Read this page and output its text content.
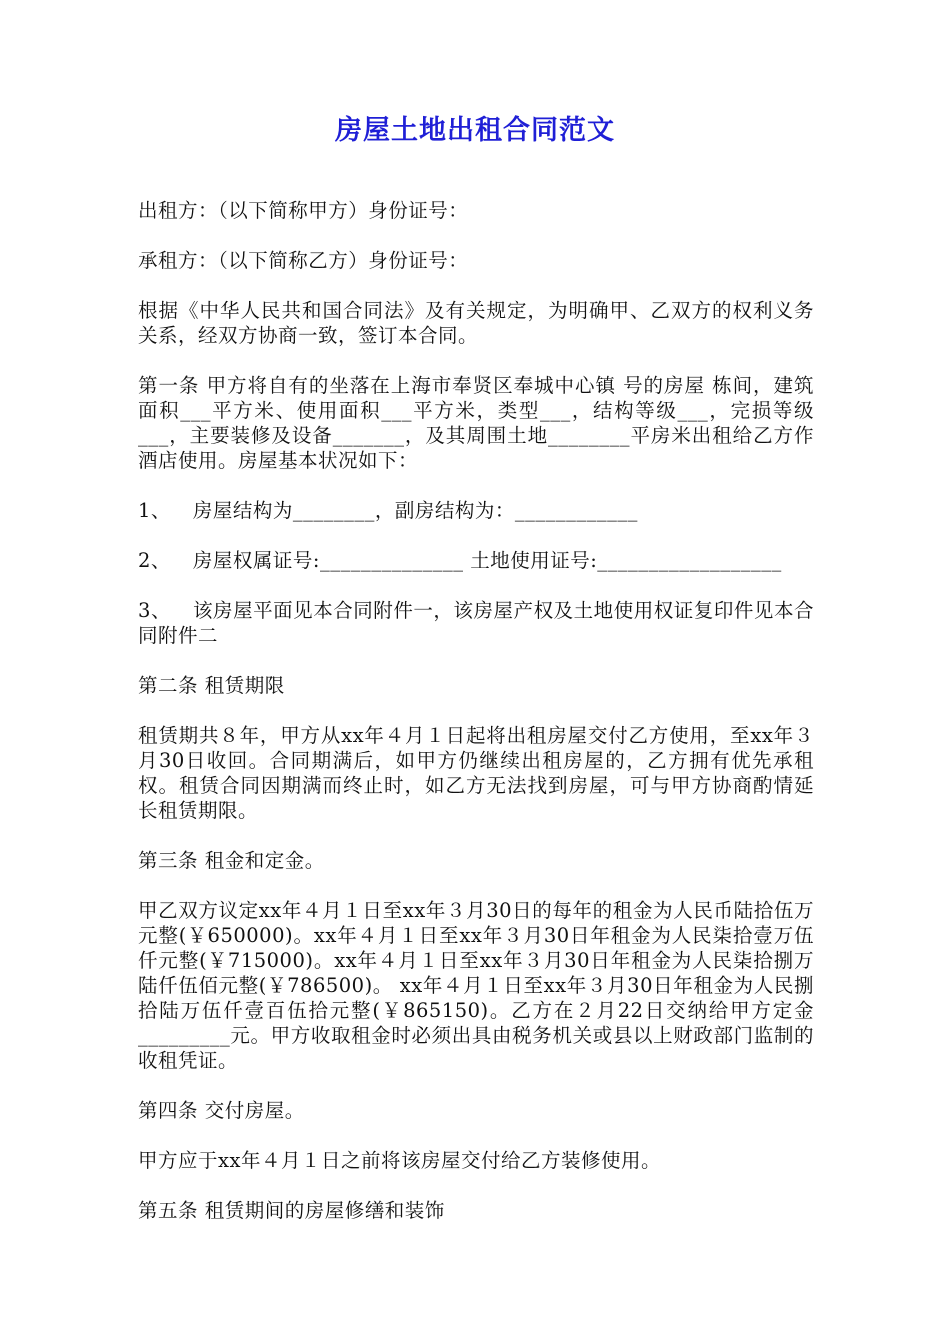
房屋土地出租合同范文

出租方：（以下简称甲方）身份证号：

承租方：（以下简称乙方）身份证号：

根据《中华人民共和国合同法》及有关规定，为明确甲、乙双方的权利义务关系，经双方协商一致，签订本合同。

第一条 甲方将自有的坐落在上海市奉贤区奉城中心镇 号的房屋 栋间，建筑面积___平方米、使用面积___平方米，类型___，结构等级___，完损等级___，主要装修及设备_______，及其周围土地________平房米出租给乙方作酒店使用。房屋基本状况如下：

1、 房屋结构为________，副房结构为：____________

2、 房屋权属证号:______________ 土地使用证号:__________________

3、 该房屋平面见本合同附件一，该房屋产权及土地使用权证复印件见本合同附件二

第二条 租赁期限

租赁期共８年，甲方从xx年４月１日起将出租房屋交付乙方使用，至xx年３月30日收回。合同期满后，如甲方仍继续出租房屋的，乙方拥有优先承租权。租赁合同因期满而终止时，如乙方无法找到房屋，可与甲方协商酌情延长租赁期限。

第三条 租金和定金。

甲乙双方议定xx年４月１日至xx年３月30日的每年的租金为人民币陆拾伍万元整(￥650000)。xx年４月１日至xx年３月30日年租金为人民柒拾壹万伍仟元整(￥715000)。xx年４月１日至xx年３月30日年租金为人民柒拾捌万陆仟伍佰元整(￥786500)。 xx年４月１日至xx年３月30日年租金为人民捌拾陆万伍仟壹百伍拾元整(￥865150)。乙方在２月22日交纳给甲方定金_________元。甲方收取租金时必须出具由税务机关或县以上财政部门监制的收租凭证。

第四条 交付房屋。

甲方应于xx年４月１日之前将该房屋交付给乙方装修使用。

第五条 租赁期间的房屋修缮和装饰
